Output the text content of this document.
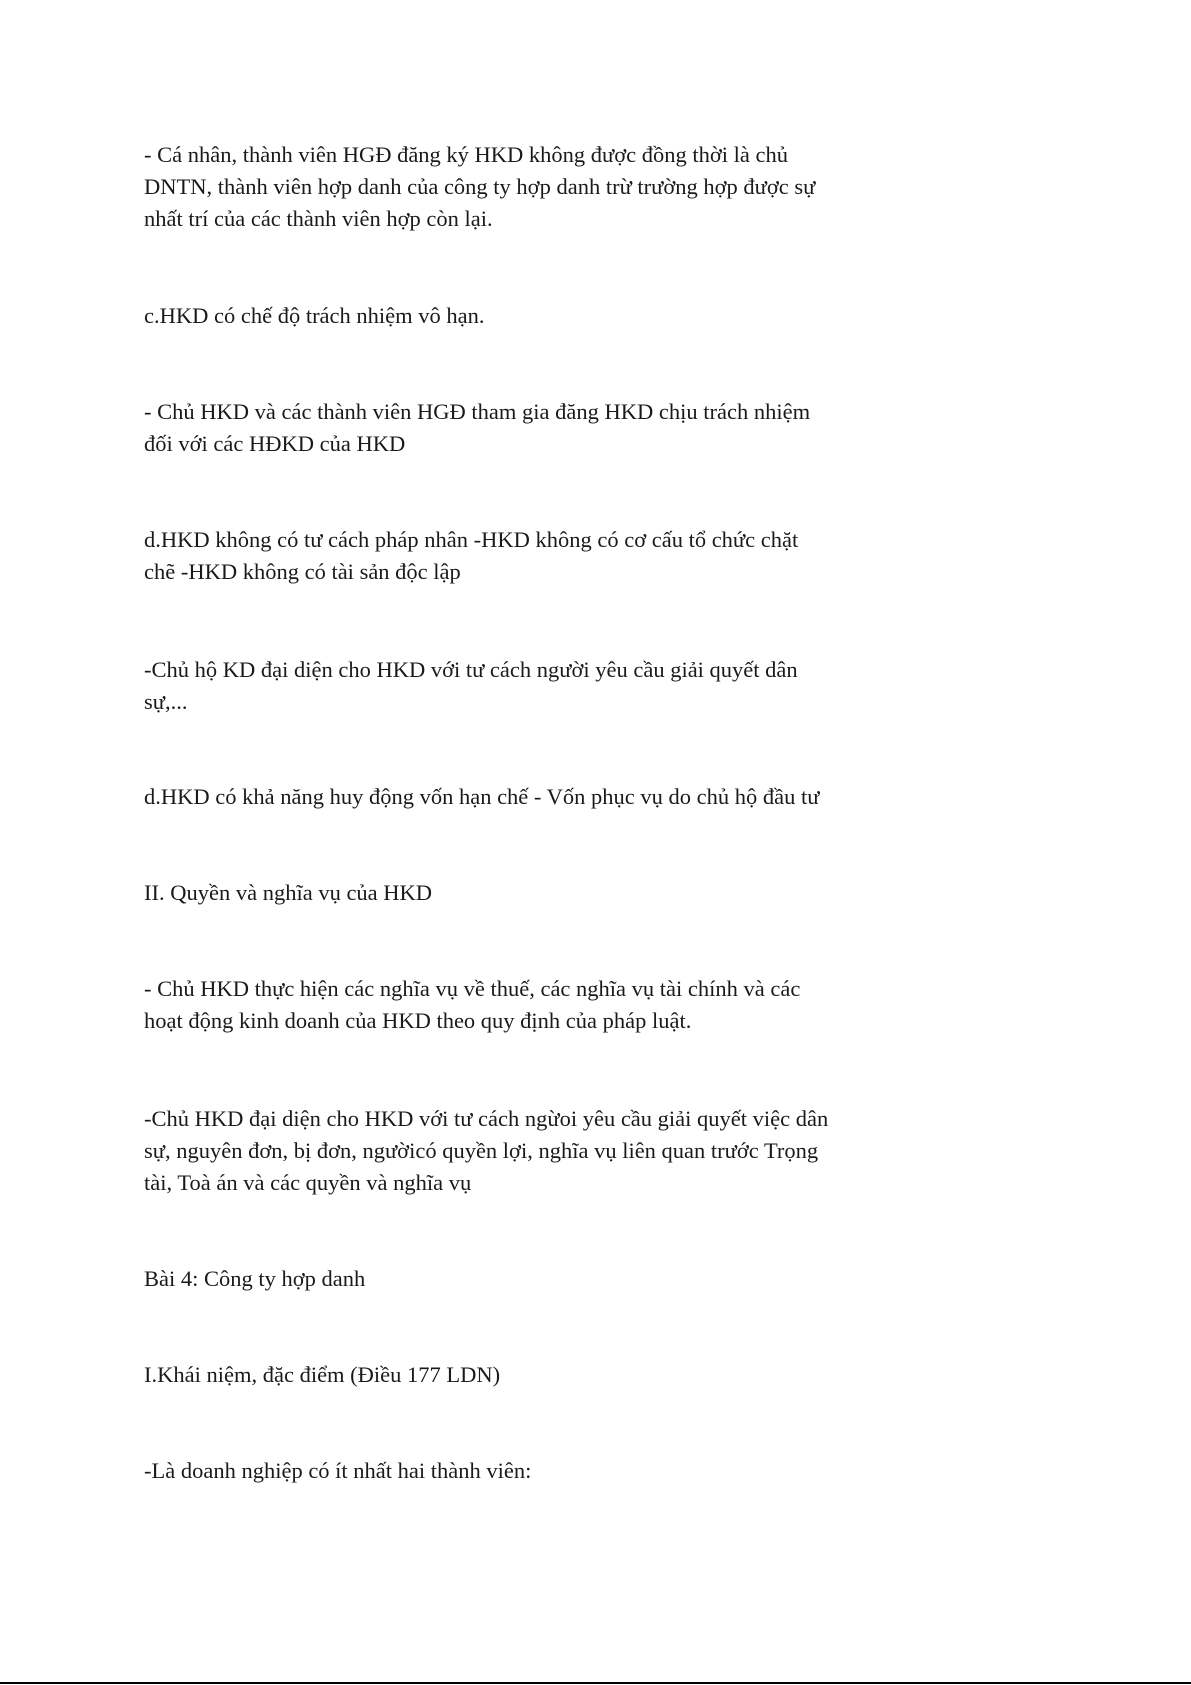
- Cá nhân, thành viên HGĐ đăng ký HKD không được đồng thời là chủ
DNTN, thành viên hợp danh của công ty hợp danh trừ trường hợp được sự
nhất trí của các thành viên hợp còn lại.

c.HKD có chế độ trách nhiệm vô hạn.

- Chủ HKD và các thành viên HGĐ tham gia đăng HKD chịu trách nhiệm
đối với các HĐKD của HKD

d.HKD không có tư cách pháp nhân -HKD không có cơ cấu tổ chức chặt
chẽ -HKD không có tài sản độc lập

-Chủ hộ KD đại diện cho HKD với tư cách người yêu cầu giải quyết dân
sự,...

d.HKD có khả năng huy động vốn hạn chế - Vốn phục vụ do chủ hộ đầu tư

II. Quyền và nghĩa vụ của HKD

- Chủ HKD thực hiện các nghĩa vụ về thuế, các nghĩa vụ tài chính và các
hoạt động kinh doanh của HKD theo quy định của pháp luật.

-Chủ HKD đại diện cho HKD với tư cách ngừoi yêu cầu giải quyết việc dân
sự, nguyên đơn, bị đơn, ngườicó quyền lợi, nghĩa vụ liên quan trước Trọng
tài, Toà án và các quyền và nghĩa vụ

Bài 4: Công ty hợp danh

I.Khái niệm, đặc điểm (Điều 177 LDN)

-Là doanh nghiệp có ít nhất hai thành viên:
